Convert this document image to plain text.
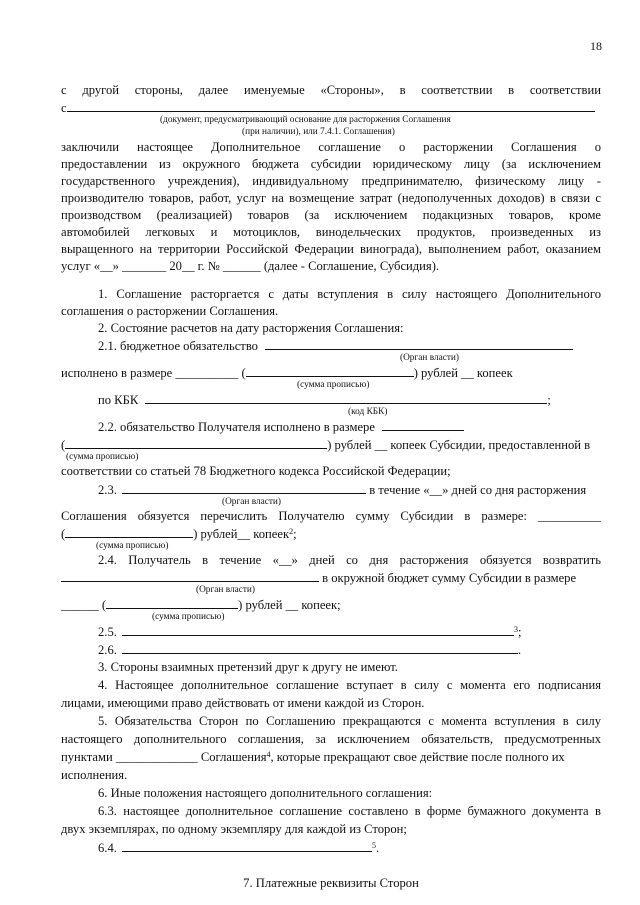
18
с другой стороны, далее именуемые «Стороны», в соответствии в соответствии
с
(документ, предусматривающий основание для расторжения Соглашения
(при наличии), или 7.4.1. Соглашения)
заключили настоящее Дополнительное соглашение о расторжении Соглашения о
предоставлении из окружного бюджета субсидии юридическому лицу (за исключением
государственного учреждения), индивидуальному предпринимателю, физическому лицу -
производителю товаров, работ, услуг на возмещение затрат (недополученных доходов) в связи с
производством (реализацией) товаров (за исключением подакцизных товаров, кроме
автомобилей легковых и мотоциклов, винодельческих продуктов, произведенных из
выращенного на территории Российской Федерации винограда), выполнением работ, оказанием
услуг «__» _______ 20__ г. № ______ (далее - Соглашение, Субсидия).
1. Соглашение расторгается с даты вступления в силу настоящего Дополнительного
соглашения о расторжении Соглашения.
2. Состояние расчетов на дату расторжения Соглашения:
2.1. бюджетное обязательство
(Орган власти)
исполнено в размере __________ (	) рублей __ копеек
(сумма прописью)
по КБК	;
(код КБК)
2.2. обязательство Получателя исполнено в размере
(	) рублей __ копеек Субсидии, предоставленной в
(сумма прописью)
соответствии со статьей 78 Бюджетного кодекса Российской Федерации;
2.3.	в течение «__» дней со дня расторжения
(Орган власти)
Соглашения обязуется перечислить Получателю сумму Субсидии в размере: __________
(	) рублей__ копеек$^2$;
(сумма прописью)
2.4. Получатель в течение «__» дней со дня расторжения обязуется возвратить
в окружной бюджет сумму Субсидии в размере
(Орган власти)
______ (	) рублей __ копеек;
(сумма прописью)
2.5.	$^3$;
2.6.	.
3. Стороны взаимных претензий друг к другу не имеют.
4. Настоящее дополнительное соглашение вступает в силу с момента его подписания
лицами, имеющими право действовать от имени каждой из Сторон.
5. Обязательства Сторон по Соглашению прекращаются с момента вступления в силу
настоящего дополнительного соглашения, за исключением обязательств, предусмотренных
пунктами _____________ Соглашения$^4$, которые прекращают свое действие после полного их
исполнения.
6. Иные положения настоящего дополнительного соглашения:
6.3. настоящее дополнительное соглашение составлено в форме бумажного документа в
двух экземплярах, по одному экземпляру для каждой из Сторон;
6.4.	$^5$.
7. Платежные реквизиты Сторон
